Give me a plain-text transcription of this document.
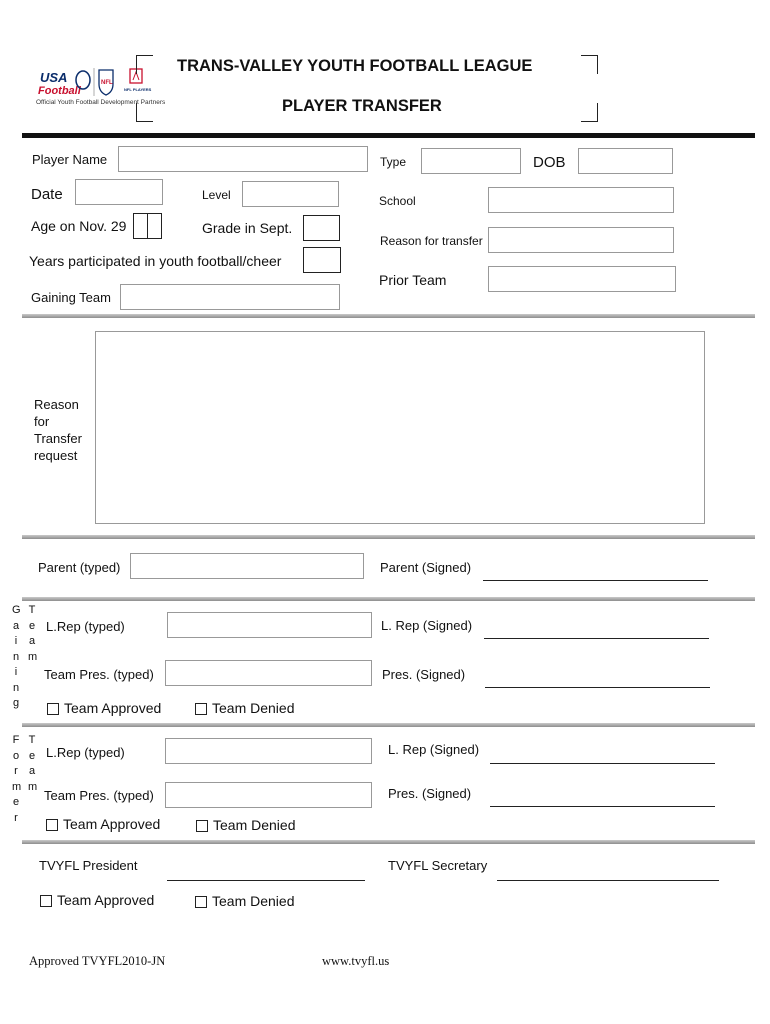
USA
Football
NFL
NFL PLAYERS
Official Youth Football Development Partners
TRANS-VALLEY YOUTH FOOTBALL LEAGUE
PLAYER TRANSFER
Player Name	Type	DOB
Date	Level	School
Age on Nov. 29	Grade in Sept.
Reason for transfer
Years participated in youth football/cheer
Prior Team
Gaining Team
Reason
for
Transfer
request
Parent (typed)	Parent (Signed)
Gaining
Team
L.Rep (typed)	L. Rep (Signed)
Team Pres. (typed)	Pres. (Signed)
Team Approved	Team Denied
Former
Team
L.Rep (typed)	L. Rep (Signed)
Team Pres. (typed)	Pres. (Signed)
Team Approved	Team Denied
TVYFL President	TVYFL Secretary
Team Approved	Team Denied
Approved TVYFL2010-JN	www.tvyfl.us
